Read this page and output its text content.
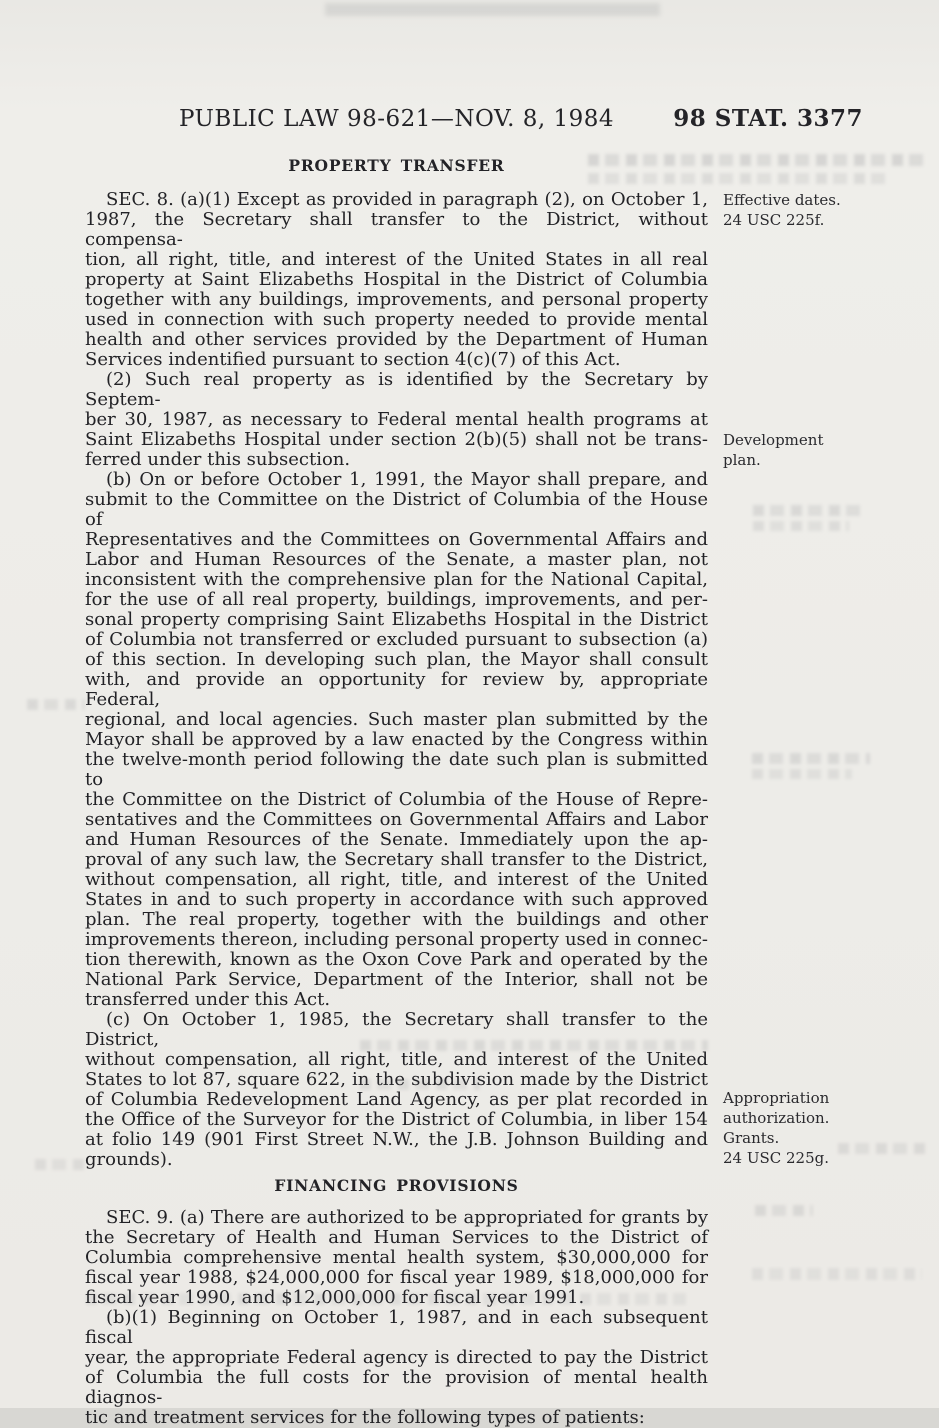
PUBLIC LAW 98-621—NOV. 8, 1984	98 STAT. 3377
PROPERTY TRANSFER
SEC. 8. (a)(1) Except as provided in paragraph (2), on October 1,
1987, the Secretary shall transfer to the District, without compensa-
tion, all right, title, and interest of the United States in all real
property at Saint Elizabeths Hospital in the District of Columbia
together with any buildings, improvements, and personal property
used in connection with such property needed to provide mental
health and other services provided by the Department of Human
Services indentified pursuant to section 4(c)(7) of this Act.
(2) Such real property as is identified by the Secretary by Septem-
ber 30, 1987, as necessary to Federal mental health programs at
Saint Elizabeths Hospital under section 2(b)(5) shall not be trans-
ferred under this subsection.
(b) On or before October 1, 1991, the Mayor shall prepare, and
submit to the Committee on the District of Columbia of the House of
Representatives and the Committees on Governmental Affairs and
Labor and Human Resources of the Senate, a master plan, not
inconsistent with the comprehensive plan for the National Capital,
for the use of all real property, buildings, improvements, and per-
sonal property comprising Saint Elizabeths Hospital in the District
of Columbia not transferred or excluded pursuant to subsection (a)
of this section. In developing such plan, the Mayor shall consult
with, and provide an opportunity for review by, appropriate Federal,
regional, and local agencies. Such master plan submitted by the
Mayor shall be approved by a law enacted by the Congress within
the twelve-month period following the date such plan is submitted to
the Committee on the District of Columbia of the House of Repre-
sentatives and the Committees on Governmental Affairs and Labor
and Human Resources of the Senate. Immediately upon the ap-
proval of any such law, the Secretary shall transfer to the District,
without compensation, all right, title, and interest of the United
States in and to such property in accordance with such approved
plan. The real property, together with the buildings and other
improvements thereon, including personal property used in connec-
tion therewith, known as the Oxon Cove Park and operated by the
National Park Service, Department of the Interior, shall not be
transferred under this Act.
(c) On October 1, 1985, the Secretary shall transfer to the District,
without compensation, all right, title, and interest of the United
States to lot 87, square 622, in the subdivision made by the District
of Columbia Redevelopment Land Agency, as per plat recorded in
the Office of the Surveyor for the District of Columbia, in liber 154
at folio 149 (901 First Street N.W., the J.B. Johnson Building and
grounds).
FINANCING PROVISIONS
SEC. 9. (a) There are authorized to be appropriated for grants by
the Secretary of Health and Human Services to the District of
Columbia comprehensive mental health system, $30,000,000 for
fiscal year 1988, $24,000,000 for fiscal year 1989, $18,000,000 for
fiscal year 1990, and $12,000,000 for fiscal year 1991.
(b)(1) Beginning on October 1, 1987, and in each subsequent fiscal
year, the appropriate Federal agency is directed to pay the District
of Columbia the full costs for the provision of mental health diagnos-
tic and treatment services for the following types of patients:
Effective dates.
24 USC 225f.
Development
plan.
Appropriation
authorization.
Grants.
24 USC 225g.
